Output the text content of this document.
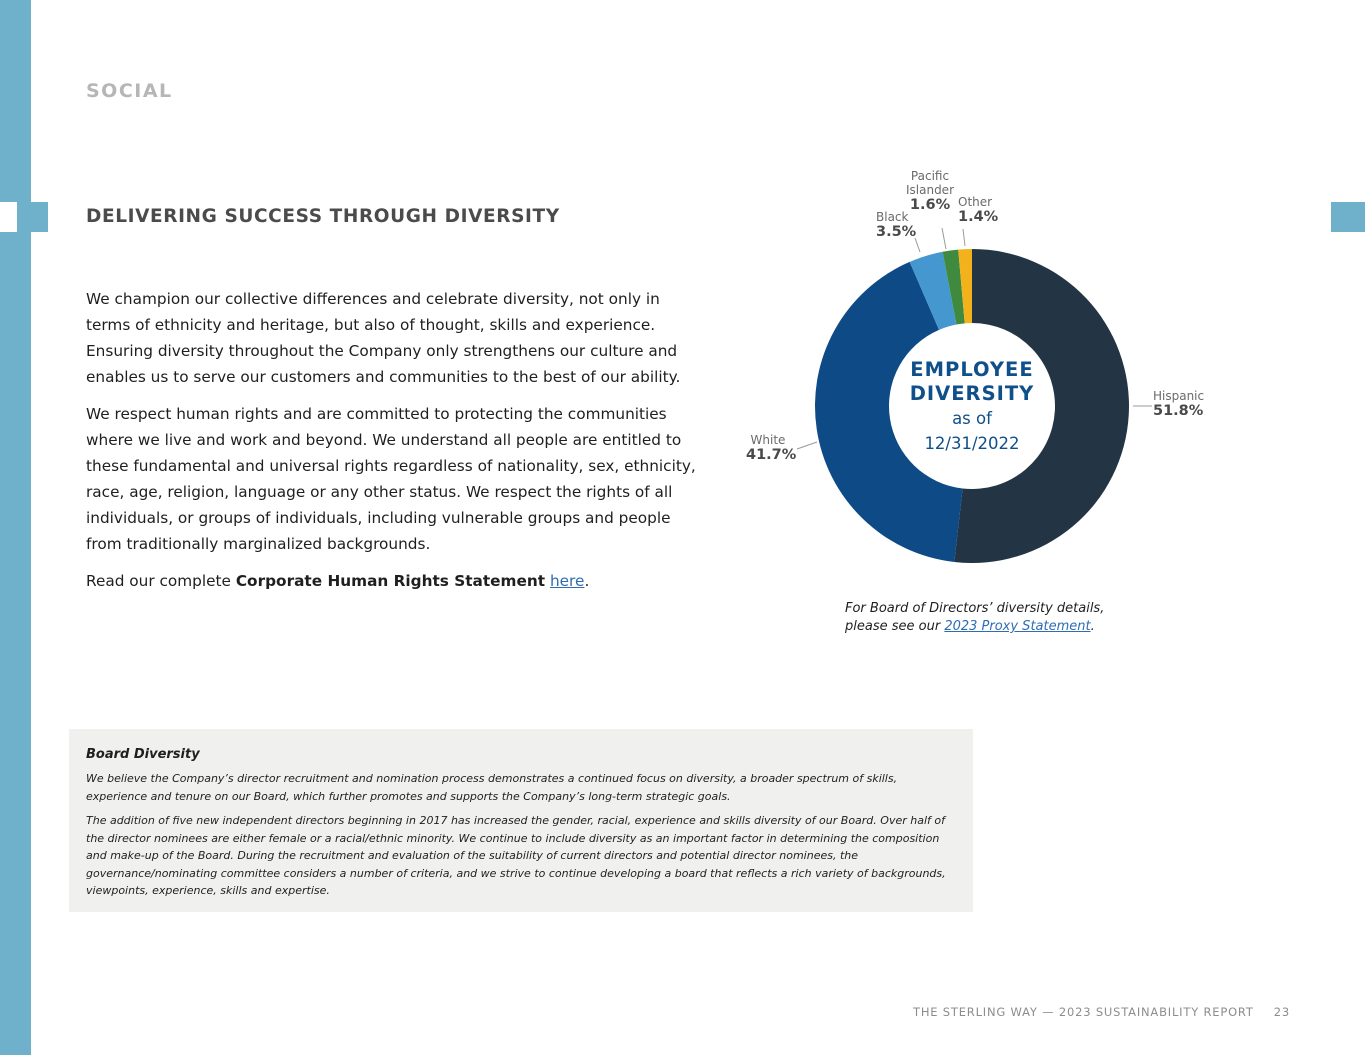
SOCIAL
DELIVERING SUCCESS THROUGH DIVERSITY

We champion our collective differences and celebrate diversity, not only in terms of ethnicity and heritage, but also of thought, skills and experience. Ensuring diversity throughout the Company only strengthens our culture and enables us to serve our customers and communities to the best of our ability.

We respect human rights and are committed to protecting the communities where we live and work and beyond. We understand all people are entitled to these fundamental and universal rights regardless of nationality, sex, ethnicity, race, age, religion, language or any other status. We respect the rights of all individuals, or groups of individuals, including vulnerable groups and people from traditionally marginalized backgrounds.

Read our complete Corporate Human Rights Statement here.

Hispanic
51.8%
White
41.7%
Black
3.5%
Pacific
Islander
1.6% Other
1.4%
EMPLOYEE DIVERSITY
as of
12/31/2022
For Board of Directors’ diversity details,
please see our 2023 Proxy Statement.
Board Diversity

We believe the Company’s director recruitment and nomination process demonstrates a continued focus on diversity, a broader spectrum of skills, experience and tenure on our Board, which further promotes and supports the Company’s long-term strategic goals.

The addition of five new independent directors beginning in 2017 has increased the gender, racial, experience and skills diversity of our Board. Over half of the director nominees are either female or a racial/ethnic minority. We continue to include diversity as an important factor in determining the composition and make-up of the Board. During the recruitment and evaluation of the suitability of current directors and potential director nominees, the governance/nominating committee considers a number of criteria, and we strive to continue developing a board that reflects a rich variety of backgrounds, viewpoints, experience, skills and expertise.

THE STERLING WAY — 2023 SUSTAINABILITY REPORT 23
